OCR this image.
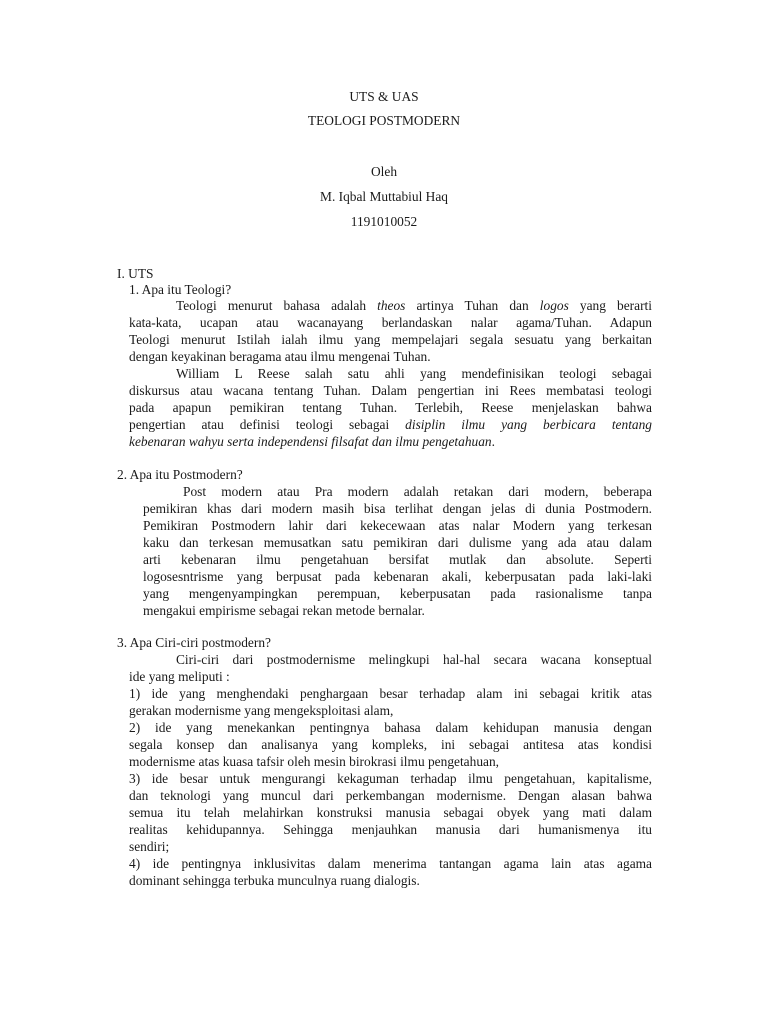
UTS & UAS
TEOLOGI POSTMODERN
Oleh
M. Iqbal Muttabiul Haq
1191010052
I. UTS
1. Apa itu Teologi?
Teologi menurut bahasa adalah theos artinya Tuhan dan logos yang berarti
kata-kata, ucapan atau wacanayang berlandaskan nalar agama/Tuhan. Adapun
Teologi menurut Istilah ialah ilmu yang mempelajari segala sesuatu yang berkaitan
dengan keyakinan beragama atau ilmu mengenai Tuhan.
William L Reese salah satu ahli yang mendefinisikan teologi sebagai
diskursus atau wacana tentang Tuhan. Dalam pengertian ini Rees membatasi teologi
pada apapun pemikiran tentang Tuhan. Terlebih, Reese menjelaskan bahwa
pengertian atau definisi teologi sebagai disiplin ilmu yang berbicara tentang
kebenaran wahyu serta independensi filsafat dan ilmu pengetahuan.
2. Apa itu Postmodern?
Post modern atau Pra modern adalah retakan dari modern, beberapa
pemikiran khas dari modern masih bisa terlihat dengan jelas di dunia Postmodern.
Pemikiran Postmodern lahir dari kekecewaan atas nalar Modern yang terkesan
kaku dan terkesan memusatkan satu pemikiran dari dulisme yang ada atau dalam
arti kebenaran ilmu pengetahuan bersifat mutlak dan absolute. Seperti
logosesntrisme yang berpusat pada kebenaran akali, keberpusatan pada laki-laki
yang mengenyampingkan perempuan, keberpusatan pada rasionalisme tanpa
mengakui empirisme sebagai rekan metode bernalar.
3. Apa Ciri-ciri postmodern?
Ciri-ciri dari postmodernisme melingkupi hal-hal secara wacana konseptual
ide yang meliputi :
1) ide yang menghendaki penghargaan besar terhadap alam ini sebagai kritik atas
gerakan modernisme yang mengeksploitasi alam,
2) ide yang menekankan pentingnya bahasa dalam kehidupan manusia dengan
segala konsep dan analisanya yang kompleks, ini sebagai antitesa atas kondisi
modernisme atas kuasa tafsir oleh mesin birokrasi ilmu pengetahuan,
3) ide besar untuk mengurangi kekaguman terhadap ilmu pengetahuan, kapitalisme,
dan teknologi yang muncul dari perkembangan modernisme. Dengan alasan bahwa
semua itu telah melahirkan konstruksi manusia sebagai obyek yang mati dalam
realitas kehidupannya. Sehingga menjauhkan manusia dari humanismenya itu
sendiri;
4) ide pentingnya inklusivitas dalam menerima tantangan agama lain atas agama
dominant sehingga terbuka munculnya ruang dialogis.
